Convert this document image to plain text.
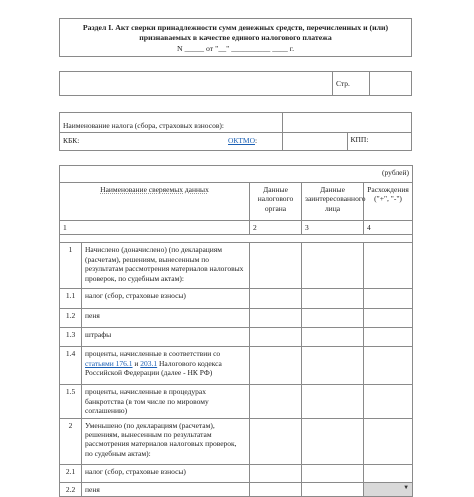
Раздел I. Акт сверки принадлежности сумм денежных средств, перечисленных и (или) признаваемых в качестве единого налогового платежа
N _____ от "__" __________ ____ г.
	Стр.	
Наименование налога (сбора, страховых взносов):		

КБК: ОКТМО:		КПП:
(рублей)				
Наименование сверяемых данных		Данные налогового органа	Данные заинтересованного лица	Расхождения ("+", "-")
1		2	3	4

1	Начислено (доначислено) (по декларациям (расчетам), решениям, вынесенным по результатам рассмотрения материалов налоговых проверок, по судебным актам):			
1.1	налог (сбор, страховые взносы)			
1.2	пеня			
1.3	штрафы			
1.4	проценты, начисленные в соответствии со статьями 176.1 и 203.1 Налогового кодекса Российской Федерации (далее - НК РФ)			
1.5	проценты, начисленные в процедурах банкротства (в том числе по мировому соглашению)			
2	Уменьшено (по декларациям (расчетам), решениям, вынесенным по результатам рассмотрения материалов налоговых проверок, по судебным актам):			
2.1	налог (сбор, страховые взносы)			
2.2	пеня			▼
